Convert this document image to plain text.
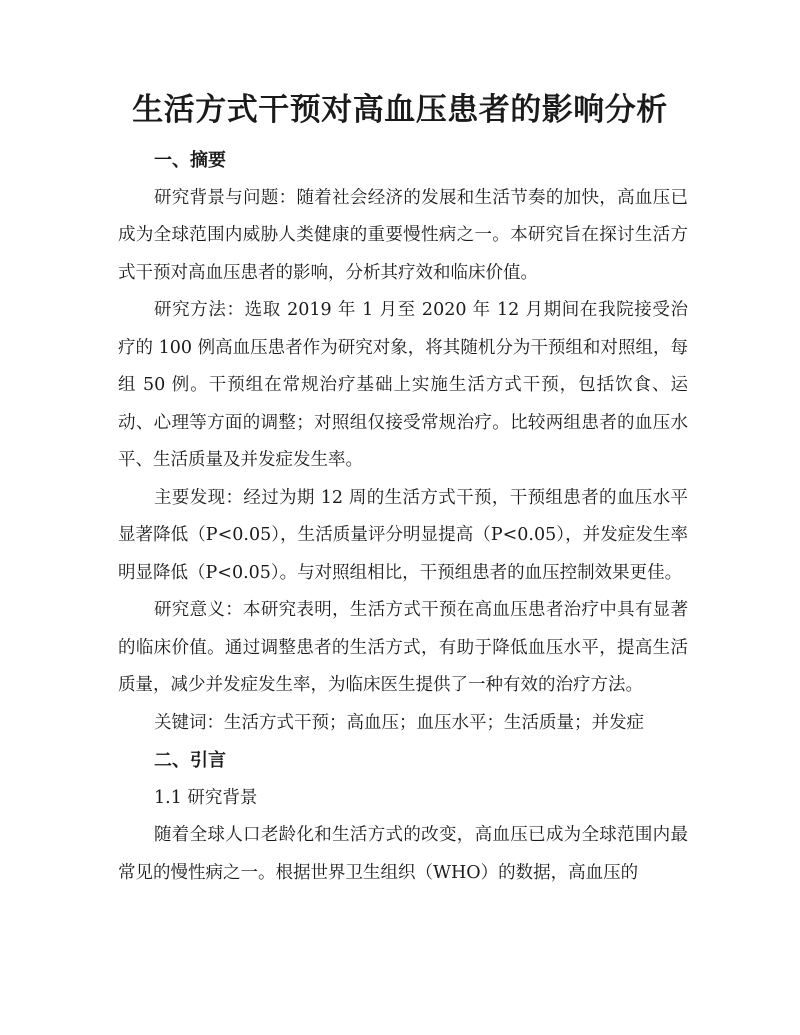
生活方式干预对高血压患者的影响分析

一、摘要

研究背景与问题：随着社会经济的发展和生活节奏的加快，高血压已成为全球范围内威胁人类健康的重要慢性病之一。本研究旨在探讨生活方式干预对高血压患者的影响，分析其疗效和临床价值。

研究方法：选取 2019 年 1 月至 2020 年 12 月期间在我院接受治疗的 100 例高血压患者作为研究对象，将其随机分为干预组和对照组，每组 50 例。干预组在常规治疗基础上实施生活方式干预，包括饮食、运动、心理等方面的调整；对照组仅接受常规治疗。比较两组患者的血压水平、生活质量及并发症发生率。

主要发现：经过为期 12 周的生活方式干预，干预组患者的血压水平显著降低（P<0.05），生活质量评分明显提高（P<0.05），并发症发生率明显降低（P<0.05）。与对照组相比，干预组患者的血压控制效果更佳。

研究意义：本研究表明，生活方式干预在高血压患者治疗中具有显著的临床价值。通过调整患者的生活方式，有助于降低血压水平，提高生活质量，减少并发症发生率，为临床医生提供了一种有效的治疗方法。

关键词：生活方式干预；高血压；血压水平；生活质量；并发症

二、引言

1.1 研究背景

随着全球人口老龄化和生活方式的改变，高血压已成为全球范围内最常见的慢性病之一。根据世界卫生组织（WHO）的数据，高血压的
